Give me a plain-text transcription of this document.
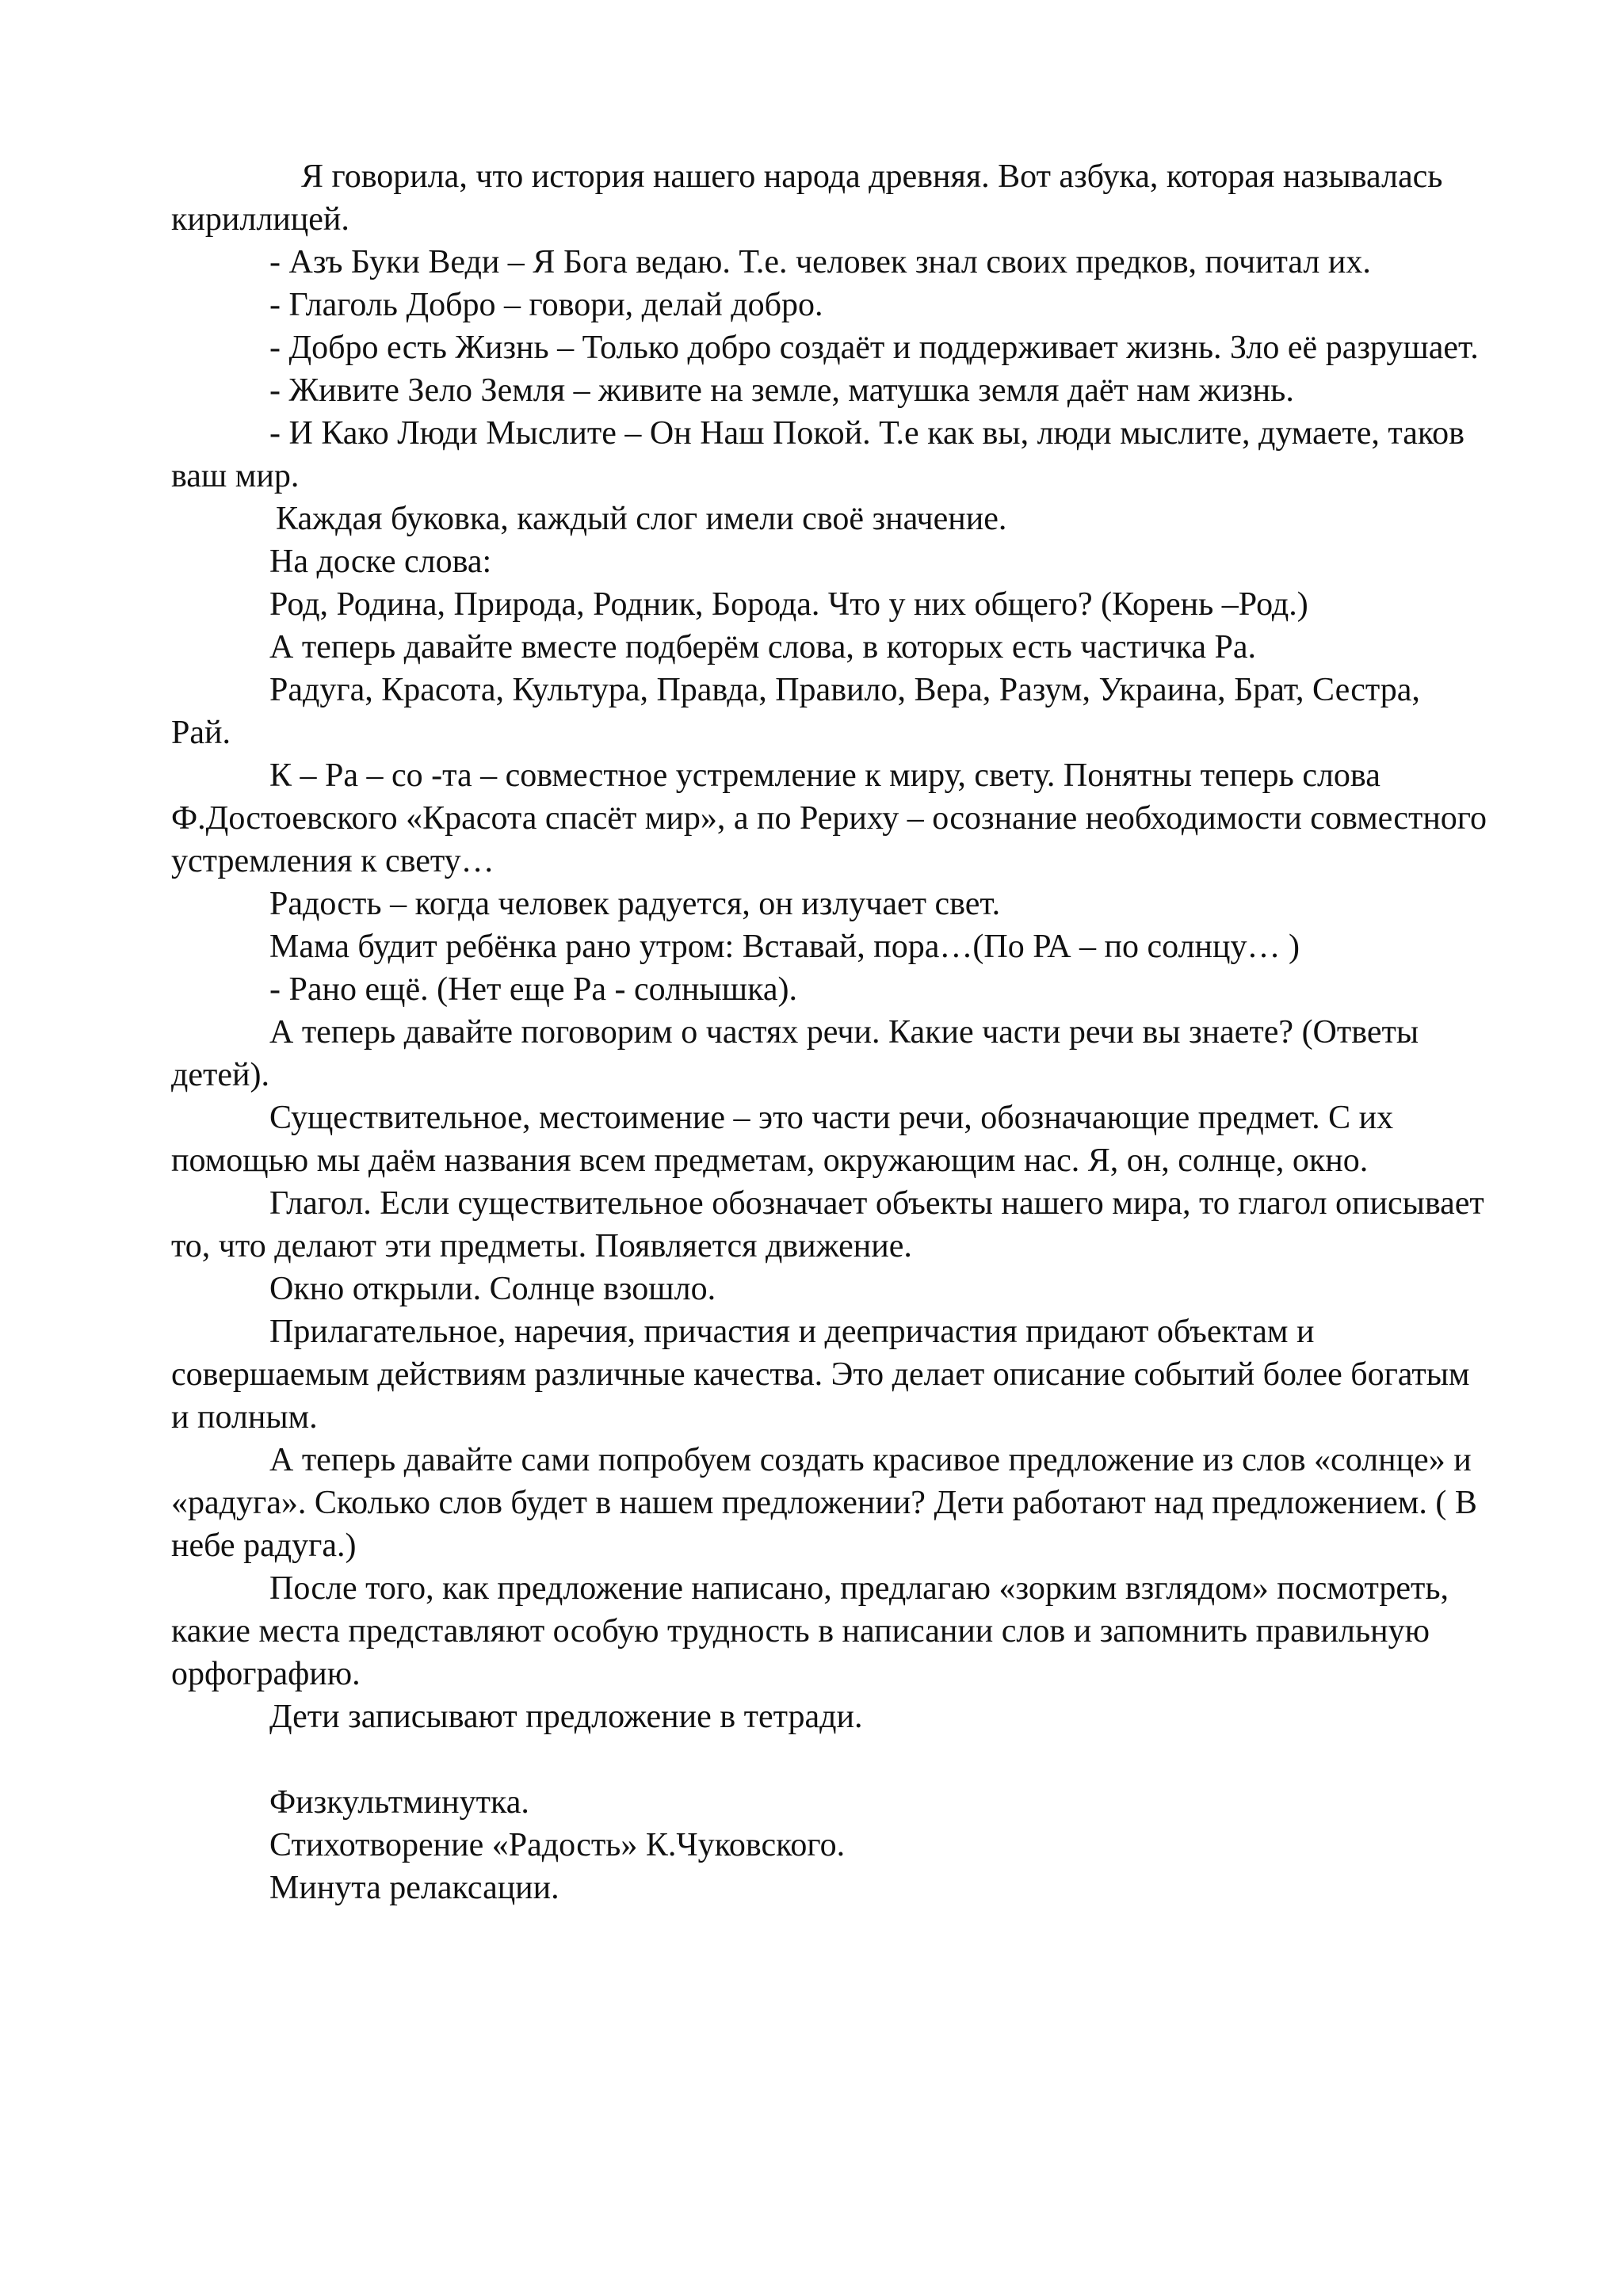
Я говорила, что история нашего народа древняя. Вот азбука, которая называлась кириллицей.

- Азъ Буки Веди – Я Бога ведаю. Т.е. человек знал своих предков, почитал их.

- Глаголь Добро – говори, делай добро.

- Добро есть Жизнь – Только добро создаёт и поддерживает жизнь. Зло её разрушает.

- Живите Зело Земля – живите на земле, матушка земля даёт нам жизнь.

- И Како Люди Мыслите – Он Наш Покой. Т.е как вы, люди мыслите, думаете, таков ваш мир.

Каждая буковка, каждый слог имели своё значение.

На доске слова:

Род, Родина, Природа, Родник, Борода. Что у них общего? (Корень –Род.)

А теперь давайте вместе подберём слова, в которых есть частичка Ра.

Радуга, Красота, Культура, Правда, Правило, Вера, Разум, Украина, Брат, Сестра, Рай.

К – Ра – со -та – совместное устремление к миру, свету. Понятны теперь слова Ф.Достоевского «Красота спасёт мир», а по Рериху – осознание необходимости совместного устремления к свету…

Радость – когда человек радуется, он излучает свет.

Мама будит ребёнка рано утром: Вставай, пора…(По РА – по солнцу… )

- Рано ещё. (Нет еще Ра - солнышка).

А теперь давайте поговорим о частях речи. Какие части речи вы знаете? (Ответы детей).

Существительное, местоимение – это части речи, обозначающие предмет. С их помощью мы даём названия всем предметам, окружающим нас. Я, он, солнце, окно.

Глагол. Если существительное обозначает объекты нашего мира, то глагол описывает то, что делают эти предметы. Появляется движение.

Окно открыли. Солнце взошло.

Прилагательное, наречия, причастия и деепричастия придают объектам и совершаемым действиям различные качества. Это делает описание событий более богатым и полным.

А теперь давайте сами попробуем создать красивое предложение из слов «солнце» и «радуга». Сколько слов будет в нашем предложении? Дети работают над предложением. ( В небе радуга.)

После того, как предложение написано, предлагаю «зорким взглядом» посмотреть, какие места представляют особую трудность в написании слов и запомнить правильную орфографию.

Дети записывают предложение в тетради.

Физкультминутка.

Стихотворение «Радость» К.Чуковского.

Минута релаксации.
